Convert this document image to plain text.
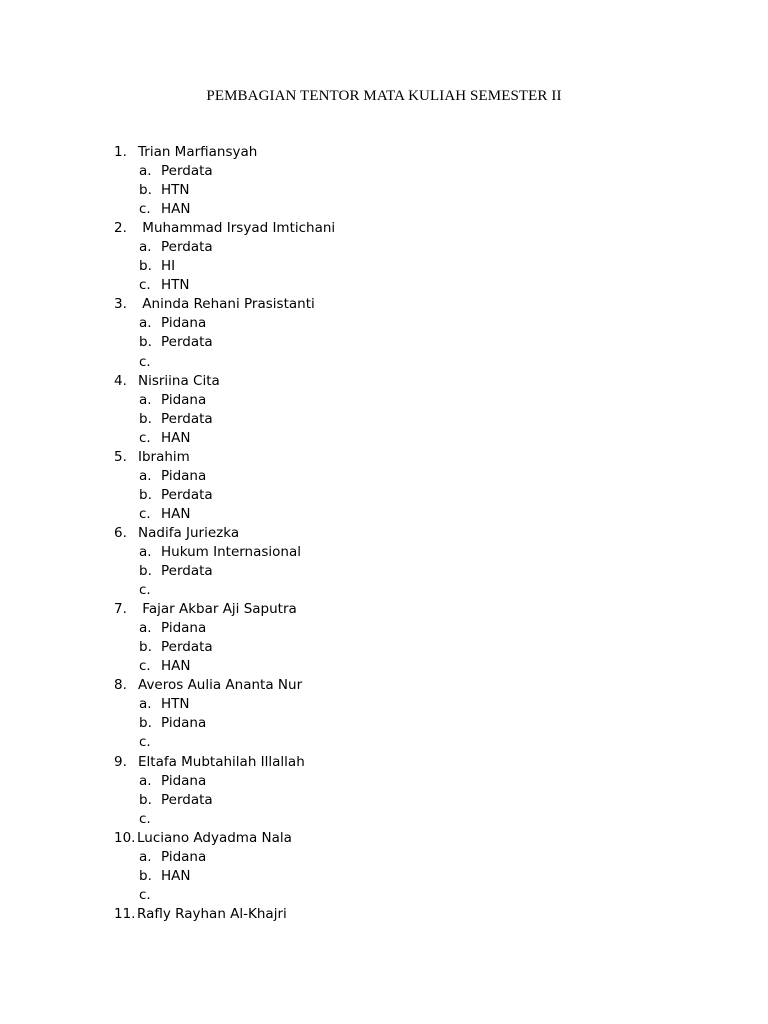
PEMBAGIAN TENTOR MATA KULIAH SEMESTER II
1. Trian Marfiansyah
a. Perdata
b. HTN
c. HAN
2. Muhammad Irsyad Imtichani
a. Perdata
b. HI
c. HTN
3. Aninda Rehani Prasistanti
a. Pidana
b. Perdata
c.
4. Nisriina Cita
a. Pidana
b. Perdata
c. HAN
5. Ibrahim
a. Pidana
b. Perdata
c. HAN
6. Nadifa Juriezka
a. Hukum Internasional
b. Perdata
c.
7. Fajar Akbar Aji Saputra
a. Pidana
b. Perdata
c. HAN
8. Averos Aulia Ananta Nur
a. HTN
b. Pidana
c.
9. Eltafa Mubtahilah Illallah
a. Pidana
b. Perdata
c.
10. Luciano Adyadma Nala
a. Pidana
b. HAN
c.
11. Rafly Rayhan Al-Khajri
